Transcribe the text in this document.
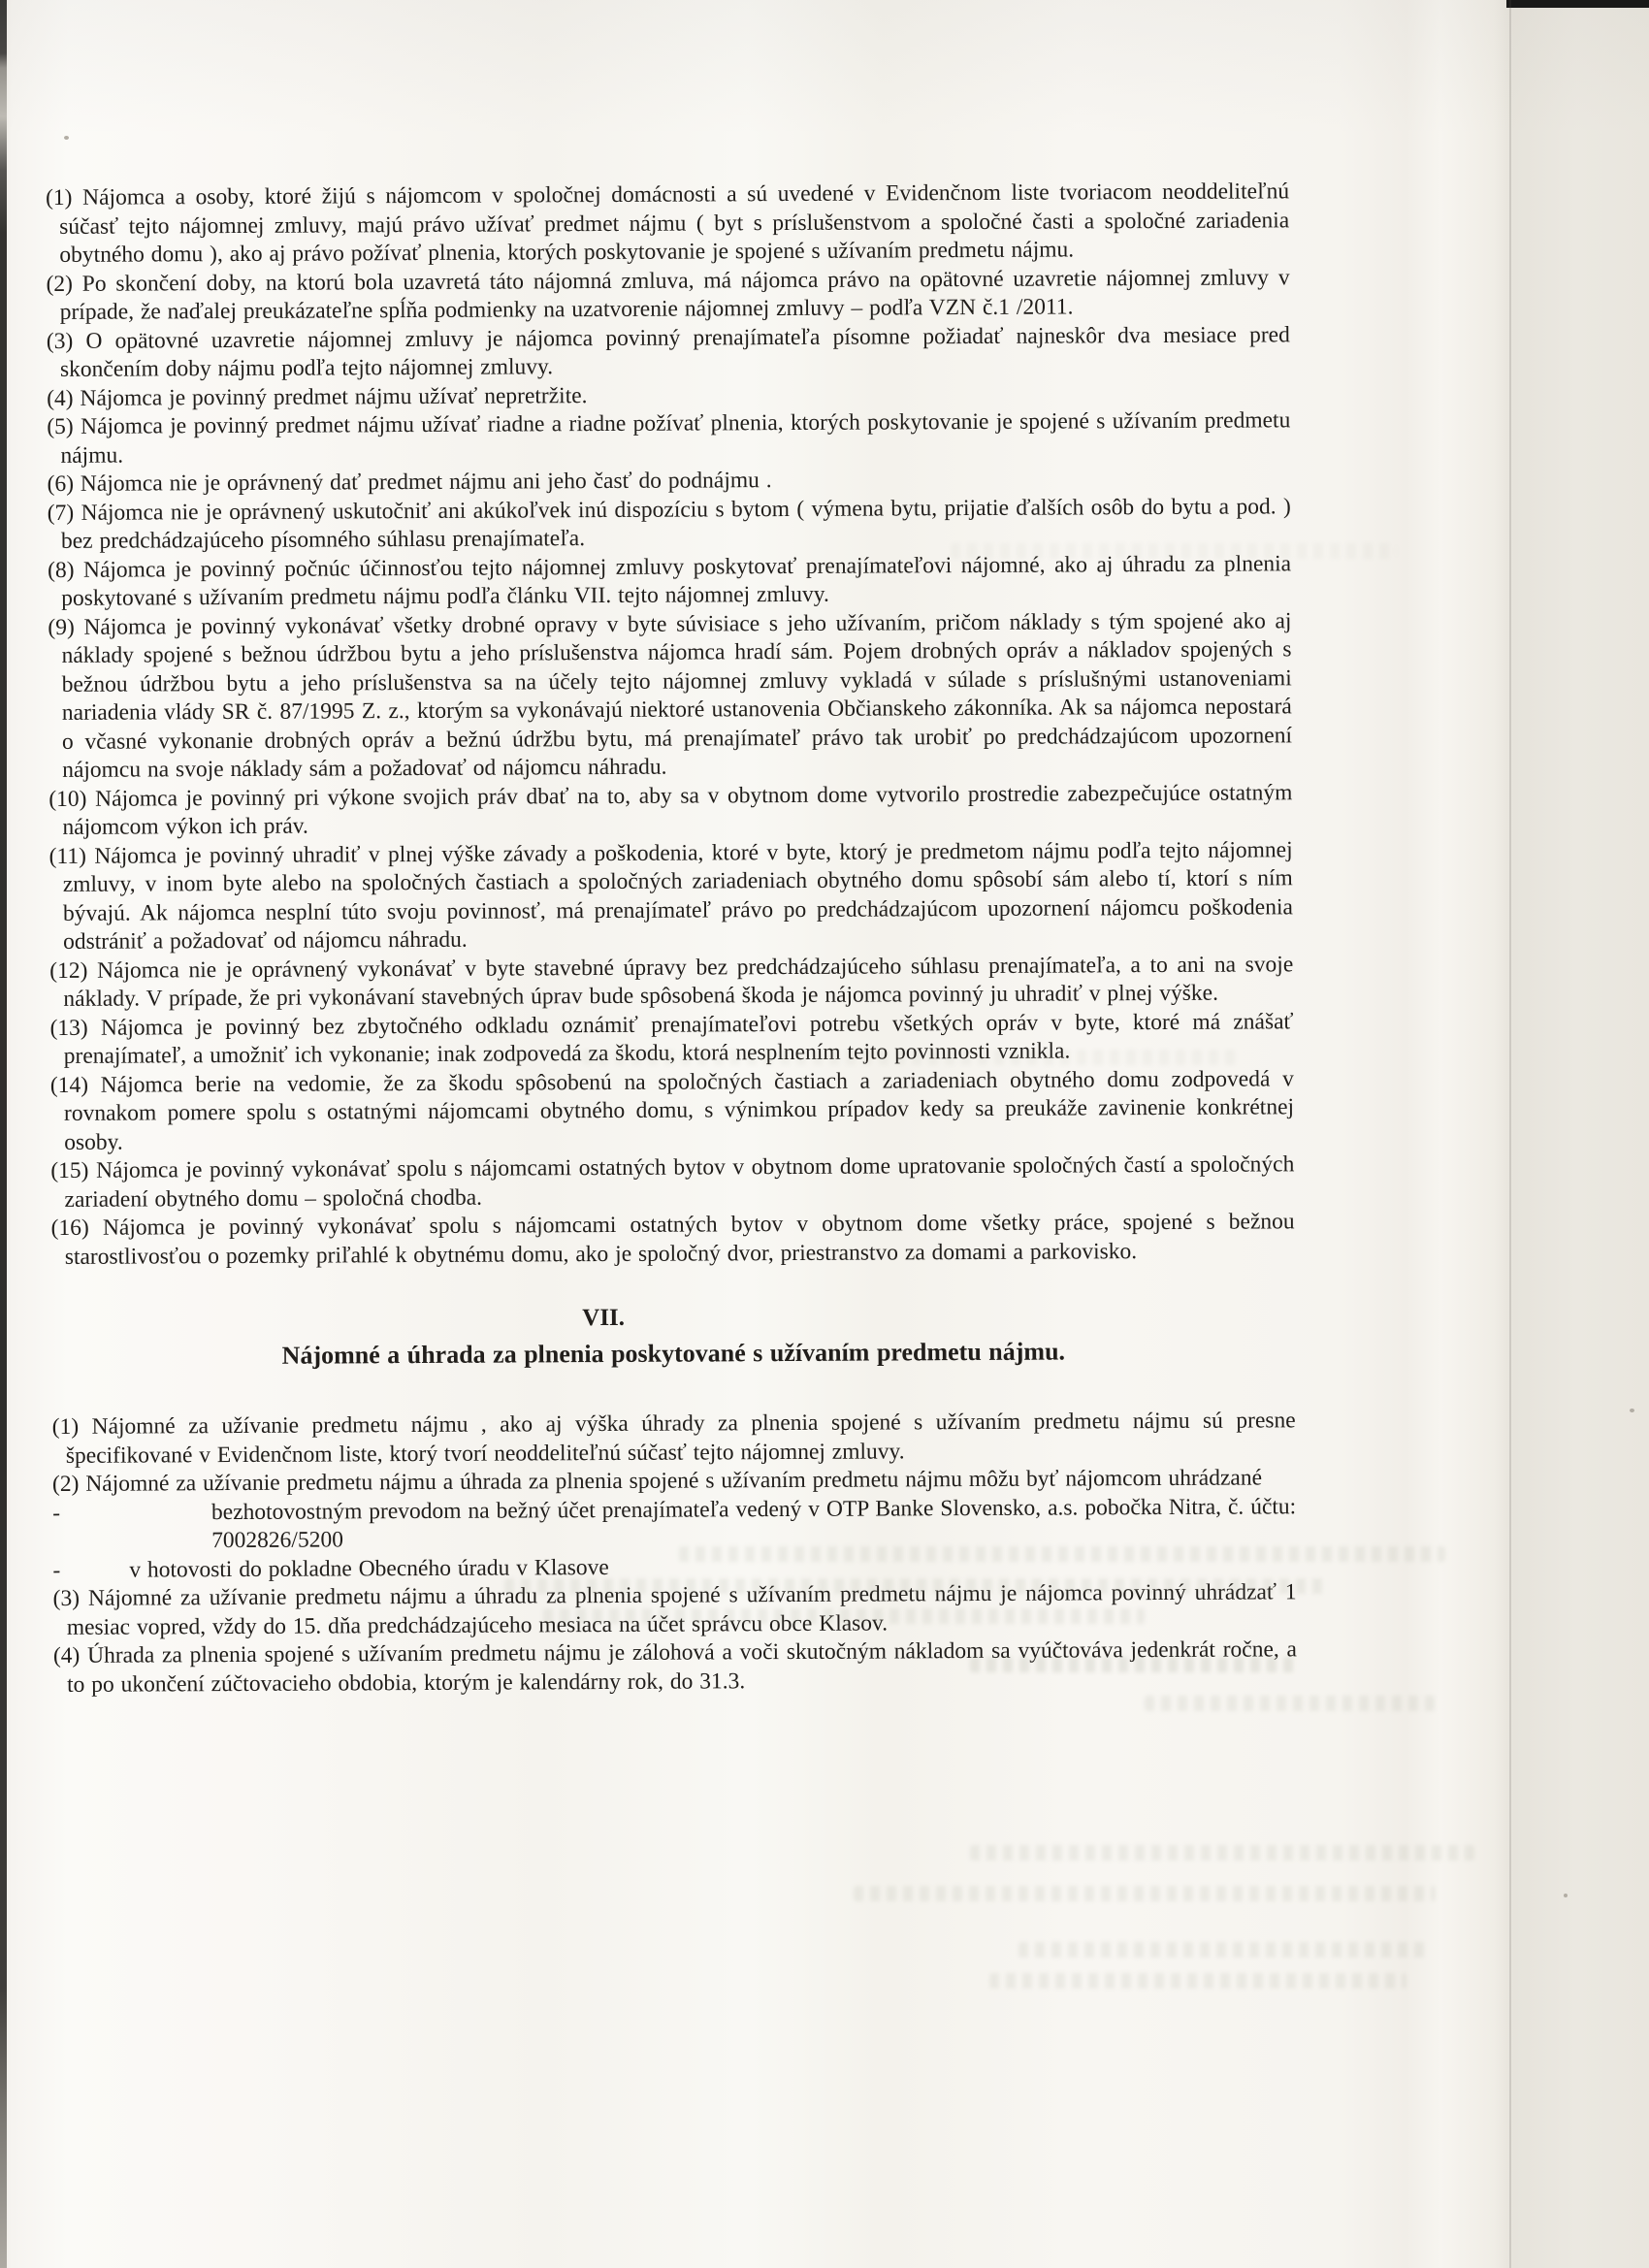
(1) Nájomca a osoby, ktoré žijú s nájomcom v spoločnej domácnosti a sú uvedené v Evidenčnom liste tvoriacom neoddeliteľnú súčasť tejto nájomnej zmluvy, majú právo užívať predmet nájmu ( byt s príslušenstvom a spoločné časti a spoločné zariadenia obytného domu ), ako aj právo požívať plnenia, ktorých poskytovanie je spojené s užívaním predmetu nájmu.

(2) Po skončení doby, na ktorú bola uzavretá táto nájomná zmluva, má nájomca právo na opätovné uzavretie nájomnej zmluvy v prípade, že naďalej preukázateľne spĺňa podmienky na uzatvorenie nájomnej zmluvy – podľa VZN č.1 /2011.

(3) O opätovné uzavretie nájomnej zmluvy je nájomca povinný prenajímateľa písomne požiadať najneskôr dva mesiace pred skončením doby nájmu podľa tejto nájomnej zmluvy.

(4) Nájomca je povinný predmet nájmu užívať nepretržite.

(5) Nájomca je povinný predmet nájmu užívať riadne a riadne požívať plnenia, ktorých poskytovanie je spojené s užívaním predmetu nájmu.

(6) Nájomca nie je oprávnený dať predmet nájmu ani jeho časť do podnájmu .

(7) Nájomca nie je oprávnený uskutočniť ani akúkoľvek inú dispozíciu s bytom ( výmena bytu, prijatie ďalších osôb do bytu a pod. ) bez predchádzajúceho písomného súhlasu prenajímateľa.

(8) Nájomca je povinný počnúc účinnosťou tejto nájomnej zmluvy poskytovať prenajímateľovi nájomné, ako aj úhradu za plnenia poskytované s užívaním predmetu nájmu podľa článku VII. tejto nájomnej zmluvy.

(9) Nájomca je povinný vykonávať všetky drobné opravy v byte súvisiace s jeho užívaním, pričom náklady s tým spojené ako aj náklady spojené s bežnou údržbou bytu a jeho príslušenstva nájomca hradí sám. Pojem drobných opráv a nákladov spojených s bežnou údržbou bytu a jeho príslušenstva sa na účely tejto nájomnej zmluvy vykladá v súlade s príslušnými ustanoveniami nariadenia vlády SR č. 87/1995 Z. z., ktorým sa vykonávajú niektoré ustanovenia Občianskeho zákonníka. Ak sa nájomca nepostará o včasné vykonanie drobných opráv a bežnú údržbu bytu, má prenajímateľ právo tak urobiť po predchádzajúcom upozornení nájomcu na svoje náklady sám a požadovať od nájomcu náhradu.

(10) Nájomca je povinný pri výkone svojich práv dbať na to, aby sa v obytnom dome vytvorilo prostredie zabezpečujúce ostatným nájomcom výkon ich práv.

(11) Nájomca je povinný uhradiť v plnej výške závady a poškodenia, ktoré v byte, ktorý je predmetom nájmu podľa tejto nájomnej zmluvy, v inom byte alebo na spoločných častiach a spoločných zariadeniach obytného domu spôsobí sám alebo tí, ktorí s ním bývajú. Ak nájomca nesplní túto svoju povinnosť, má prenajímateľ právo po predchádzajúcom upozornení nájomcu poškodenia odstrániť a požadovať od nájomcu náhradu.

(12) Nájomca nie je oprávnený vykonávať v byte stavebné úpravy bez predchádzajúceho súhlasu prenajímateľa, a to ani na svoje náklady. V prípade, že pri vykonávaní stavebných úprav bude spôsobená škoda je nájomca povinný ju uhradiť v plnej výške.

(13) Nájomca je povinný bez zbytočného odkladu oznámiť prenajímateľovi potrebu všetkých opráv v byte, ktoré má znášať prenajímateľ, a umožniť ich vykonanie; inak zodpovedá za škodu, ktorá nesplnením tejto povinnosti vznikla.

(14) Nájomca berie na vedomie, že za škodu spôsobenú na spoločných častiach a zariadeniach obytného domu zodpovedá v rovnakom pomere spolu s ostatnými nájomcami obytného domu, s výnimkou prípadov kedy sa preukáže zavinenie konkrétnej osoby.

(15) Nájomca je povinný vykonávať spolu s nájomcami ostatných bytov v obytnom dome upratovanie spoločných častí a spoločných zariadení obytného domu – spoločná chodba.

(16) Nájomca je povinný vykonávať spolu s nájomcami ostatných bytov v obytnom dome všetky práce, spojené s bežnou starostlivosťou o pozemky priľahlé k obytnému domu, ako je spoločný dvor, priestranstvo za domami a parkovisko.

VII.
Nájomné a úhrada za plnenia poskytované s užívaním predmetu nájmu.

(1) Nájomné za užívanie predmetu nájmu , ako aj výška úhrady za plnenia spojené s užívaním predmetu nájmu sú presne špecifikované v Evidenčnom liste, ktorý tvorí neoddeliteľnú súčasť tejto nájomnej zmluvy.

(2) Nájomné za užívanie predmetu nájmu a úhrada za plnenia spojené s užívaním predmetu nájmu môžu byť nájomcom uhrádzané

-	bezhotovostným prevodom na bežný účet prenajímateľa vedený v OTP Banke Slovensko, a.s. pobočka Nitra, č. účtu: 7002826/5200
-	v hotovosti do pokladne Obecného úradu v Klasove

(3) Nájomné za užívanie predmetu nájmu a úhradu za plnenia spojené s užívaním predmetu nájmu je nájomca povinný uhrádzať 1 mesiac vopred, vždy do 15. dňa predchádzajúceho mesiaca na účet správcu obce Klasov.

(4) Úhrada za plnenia spojené s užívaním predmetu nájmu je zálohová a voči skutočným nákladom sa vyúčtováva jedenkrát ročne, a to po ukončení zúčtovacieho obdobia, ktorým je kalendárny rok, do 31.3.
